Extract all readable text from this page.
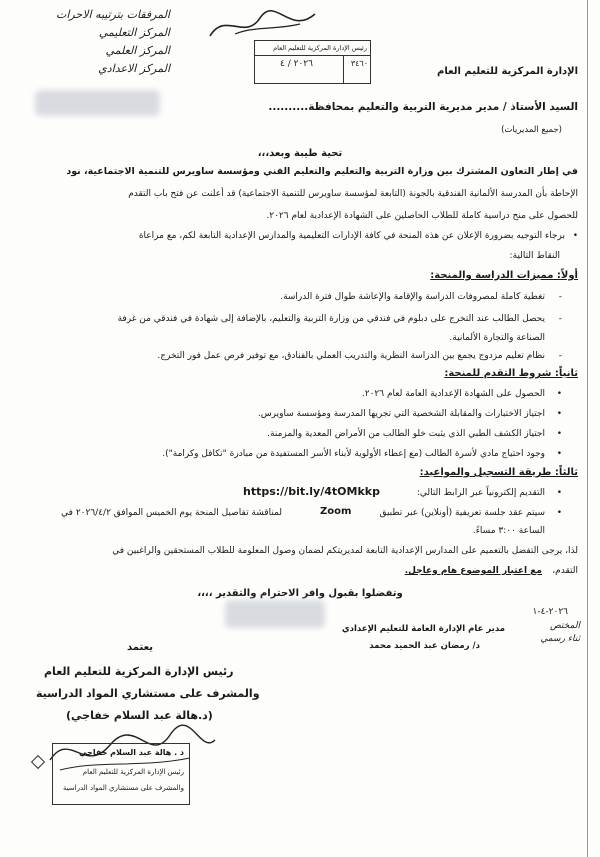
الإدارة المركزية للتعليم العام
المرفقات بترتيبه الاحرات
المركز التعليمي
المركز العلمي
المركز الاعدادي
رئيس الإدارة المركزية للتعليم العام
٢٠٢٦ / ٤	٣٤٦٠
السيد الأستاذ / مدير مديرية التربية والتعليم بمحافظة..........
(جميع المديريات)
تحية طيبة وبعد،،،
في إطار التعاون المشترك بين وزارة التربية والتعليم والتعليم الفني ومؤسسة ساويرس للتنمية الاجتماعية، نود
الإحاطة بأن المدرسة الألمانية الفندقية بالجونة (التابعة لمؤسسة ساويرس للتنمية الاجتماعية) قد أعلنت عن فتح باب التقدم
للحصول على منح دراسية كاملة للطلاب الحاصلين على الشهادة الإعدادية لعام ٢٠٢٦.
•
برجاء التوجيه بضرورة الإعلان عن هذه المنحة في كافة الإدارات التعليمية والمدارس الإعدادية التابعة لكم، مع مراعاة
النقاط التالية:
أولاً: مميزات الدراسة والمنحة:
-
تغطية كاملة لمصروفات الدراسة والإقامة والإعاشة طوال فترة الدراسة.
-
يحصل الطالب عند التخرج على دبلوم في فندقي من وزارة التربية والتعليم، بالإضافة إلى شهادة في فندقي من غرفة
الصناعة والتجارة الألمانية.
-
نظام تعليم مزدوج يجمع بين الدراسة النظرية والتدريب العملي بالفنادق، مع توفير فرص عمل فور التخرج.
ثانياً: شروط التقدم للمنحة:
•
الحصول على الشهادة الإعدادية العامة لعام ٢٠٢٦.
•
اجتياز الاختبارات والمقابلة الشخصية التي تجريها المدرسة ومؤسسة ساويرس.
•
اجتياز الكشف الطبي الذي يثبت خلو الطالب من الأمراض المعدية والمزمنة.
•
وجود احتياج مادي لأسرة الطالب (مع إعطاء الأولوية لأبناء الأسر المستفيدة من مبادرة "تكافل وكرامة").
ثالثاً: طريقة التسجيل والمواعيد:
•
التقديم إلكترونياً عبر الرابط التالي:
https://bit.ly/4tOMkkp
•
سيتم عقد جلسة تعريفية (أونلاين) عبر تطبيق
Zoom
لمناقشة تفاصيل المنحة يوم الخميس الموافق ٢٠٢٦/٤/٢ في
الساعة ٣:٠٠ مساءً.
لذا، يرجى التفضل بالتعميم على المدارس الإعدادية التابعة لمديريتكم لضمان وصول المعلومة للطلاب المستحقين والراغبين في
التقدم،
مع اعتبار الموضوع هام وعاجل.
وتفضلوا بقبول وافر الاحترام والتقدير ،،،،
٢٠٢٦-٤-١
المختص
ثناء رسمي
مدير عام الإدارة العامة للتعليم الإعدادي
د/ رمضان عبد الحميد محمد
يعتمد
رئيس الإدارة المركزية للتعليم العام
والمشرف على مستشاري المواد الدراسية
(د.هالة عبد السلام خفاجي)
د . هالة عبد السلام خفاجي
رئيس الإدارة المركزية للتعليم العام
والمشرف على مستشاري المواد الدراسية
